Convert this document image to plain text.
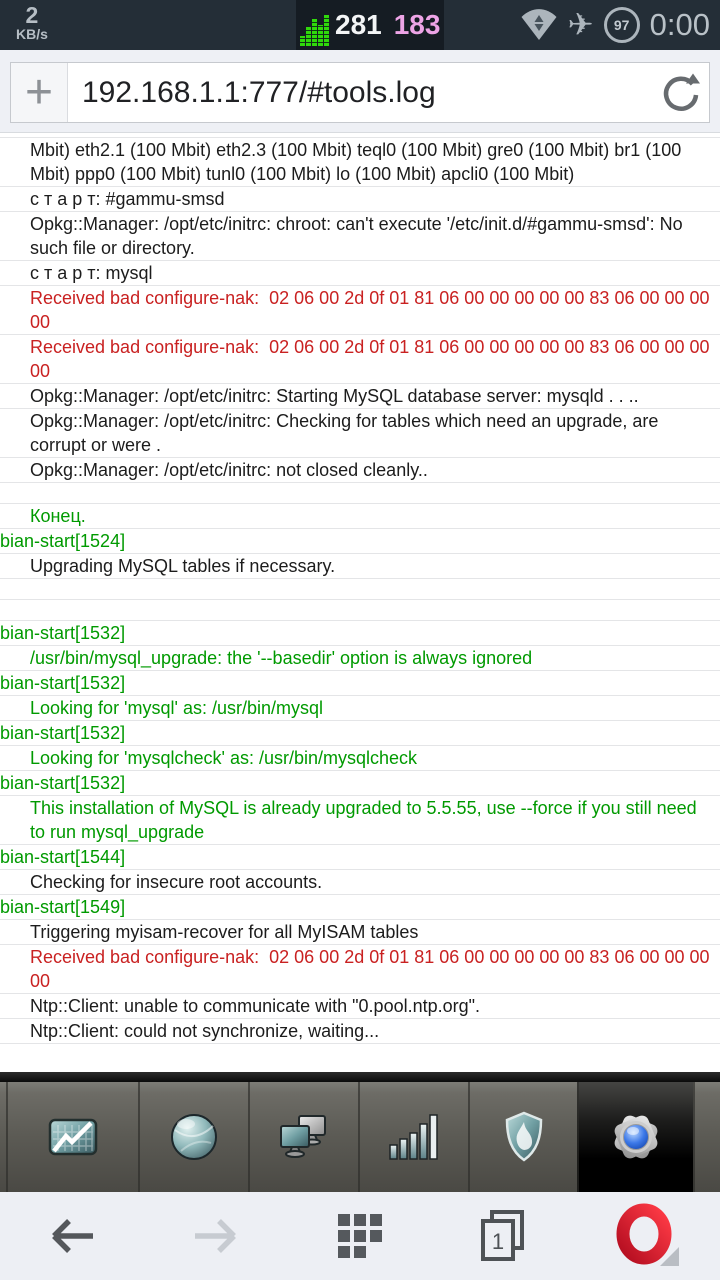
2
KB/s	281 183	✈ 97 0:00
+ 192.168.1.1:777/#tools.log
Mbit) eth2.1 (100 Mbit) eth2.3 (100 Mbit) teql0 (100 Mbit) gre0 (100 Mbit) br1 (100 Mbit) ppp0 (100 Mbit) tunl0 (100 Mbit) lo (100 Mbit) apcli0 (100 Mbit)
с т а р т: #gammu-smsd
Opkg::Manager: /opt/etc/initrc: chroot: can't execute '/etc/init.d/#gammu-smsd': No such file or directory.
с т а р т: mysql
Received bad configure-nak:  02 06 00 2d 0f 01 81 06 00 00 00 00 00 83 06 00 00 00 00
Received bad configure-nak:  02 06 00 2d 0f 01 81 06 00 00 00 00 00 83 06 00 00 00 00
Opkg::Manager: /opt/etc/initrc: Starting MySQL database server: mysqld . . ..
Opkg::Manager: /opt/etc/initrc: Checking for tables which need an upgrade, are corrupt or were .
Opkg::Manager: /opt/etc/initrc: not closed cleanly..
Конец.
bian-start[1524]
Upgrading MySQL tables if necessary.
bian-start[1532]
/usr/bin/mysql_upgrade: the '--basedir' option is always ignored
bian-start[1532]
Looking for 'mysql' as: /usr/bin/mysql
bian-start[1532]
Looking for 'mysqlcheck' as: /usr/bin/mysqlcheck
bian-start[1532]
This installation of MySQL is already upgraded to 5.5.55, use --force if you still need to run mysql_upgrade
bian-start[1544]
Checking for insecure root accounts.
bian-start[1549]
Triggering myisam-recover for all MyISAM tables
Received bad configure-nak:  02 06 00 2d 0f 01 81 06 00 00 00 00 00 83 06 00 00 00 00
Ntp::Client: unable to communicate with "0.pool.ntp.org".
Ntp::Client: could not synchronize, waiting...
1
